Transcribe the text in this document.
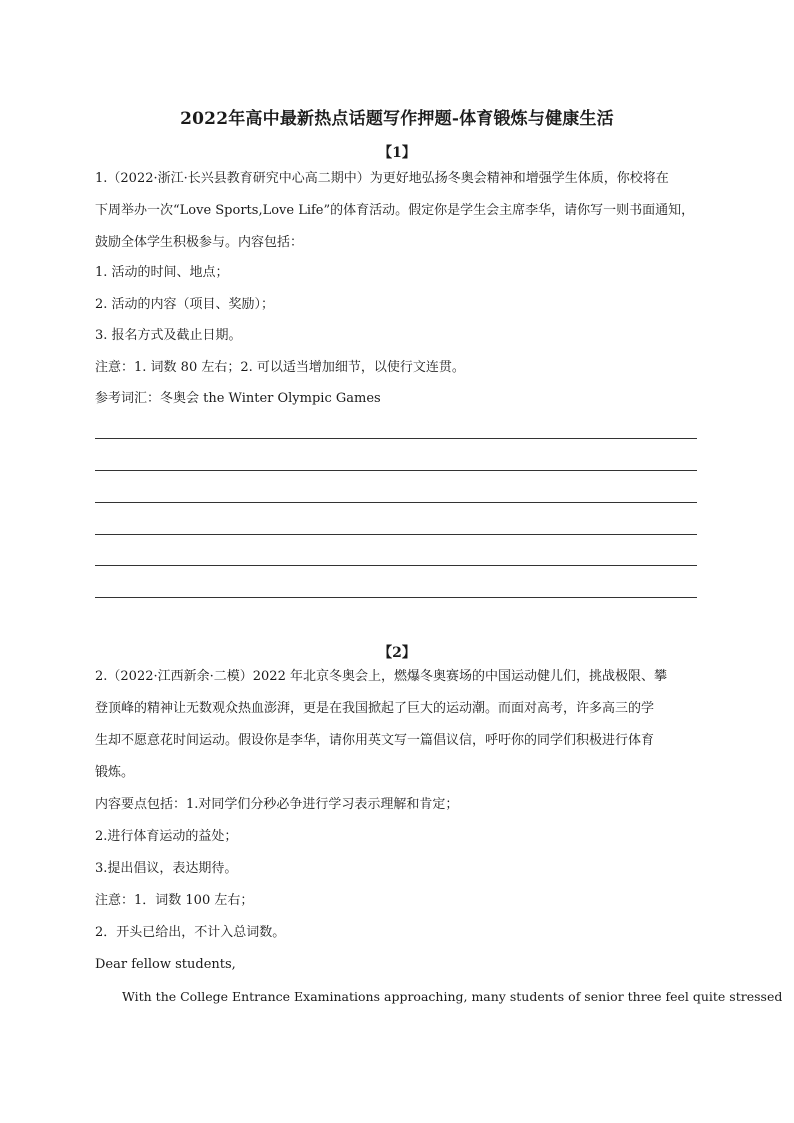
2022年高中最新热点话题写作押题-体育锻炼与健康生活
【1】
1.（2022·浙江·长兴县教育研究中心高二期中）为更好地弘扬冬奥会精神和增强学生体质，你校将在
下周举办一次“Love Sports,Love Life”的体育活动。假定你是学生会主席李华，请你写一则书面通知，
鼓励全体学生积极参与。内容包括：
1. 活动的时间、地点；
2. 活动的内容（项目、奖励）；
3. 报名方式及截止日期。
注意：1. 词数 80 左右；2. 可以适当增加细节，以使行文连贯。
参考词汇：冬奥会 the Winter Olympic Games
【2】
2.（2022·江西新余·二模）2022 年北京冬奥会上，燃爆冬奥赛场的中国运动健儿们，挑战极限、攀
登顶峰的精神让无数观众热血澎湃，更是在我国掀起了巨大的运动潮。而面对高考，许多高三的学
生却不愿意花时间运动。假设你是李华，请你用英文写一篇倡议信，呼吁你的同学们积极进行体育
锻炼。
内容要点包括：1.对同学们分秒必争进行学习表示理解和肯定；
2.进行体育运动的益处；
3.提出倡议，表达期待。
注意：1．词数 100 左右；
2．开头已给出，不计入总词数。
Dear fellow students,
With the College Entrance Examinations approaching, many students of senior three feel quite stressed
